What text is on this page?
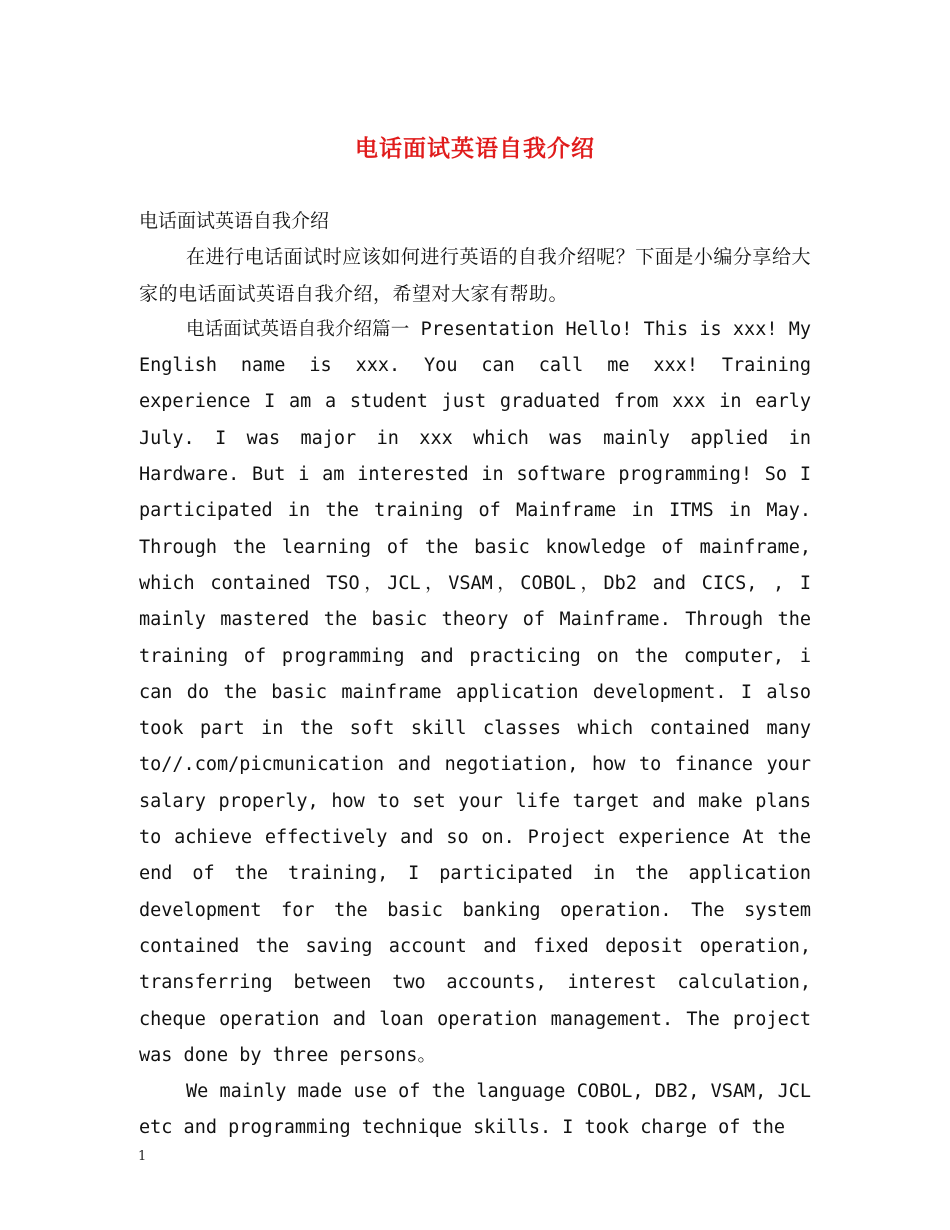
电话面试英语自我介绍

电话面试英语自我介绍

在进行电话面试时应该如何进行英语的自我介绍呢？下面是小编分享给大家的电话面试英语自我介绍，希望对大家有帮助。

电话面试英语自我介绍篇一 Presentation Hello! This is xxx! My English name is xxx. You can call me xxx! Training experience I am a student just graduated from xxx in early July. I was major in xxx which was mainly applied in Hardware. But i am interested in software programming! So I participated in the training of Mainframe in ITMS in May. Through the learning of the basic knowledge of mainframe, which contained TSO，JCL，VSAM，COBOL，Db2 and CICS, , I mainly mastered the basic theory of Mainframe. Through the training of programming and practicing on the computer, i can do the basic mainframe application development. I also took part in the soft skill classes which contained many to//.com/picmunication and negotiation, how to finance your salary properly, how to set your life target and make plans to achieve effectively and so on. Project experience At the end of the training, I participated in the application development for the basic banking operation. The system contained the saving account and fixed deposit operation, transferring between two accounts, interest calculation, cheque operation and loan operation management. The project was done by three persons。

We mainly made use of the language COBOL, DB2, VSAM, JCL etc and programming technique skills. I took charge of the

1
